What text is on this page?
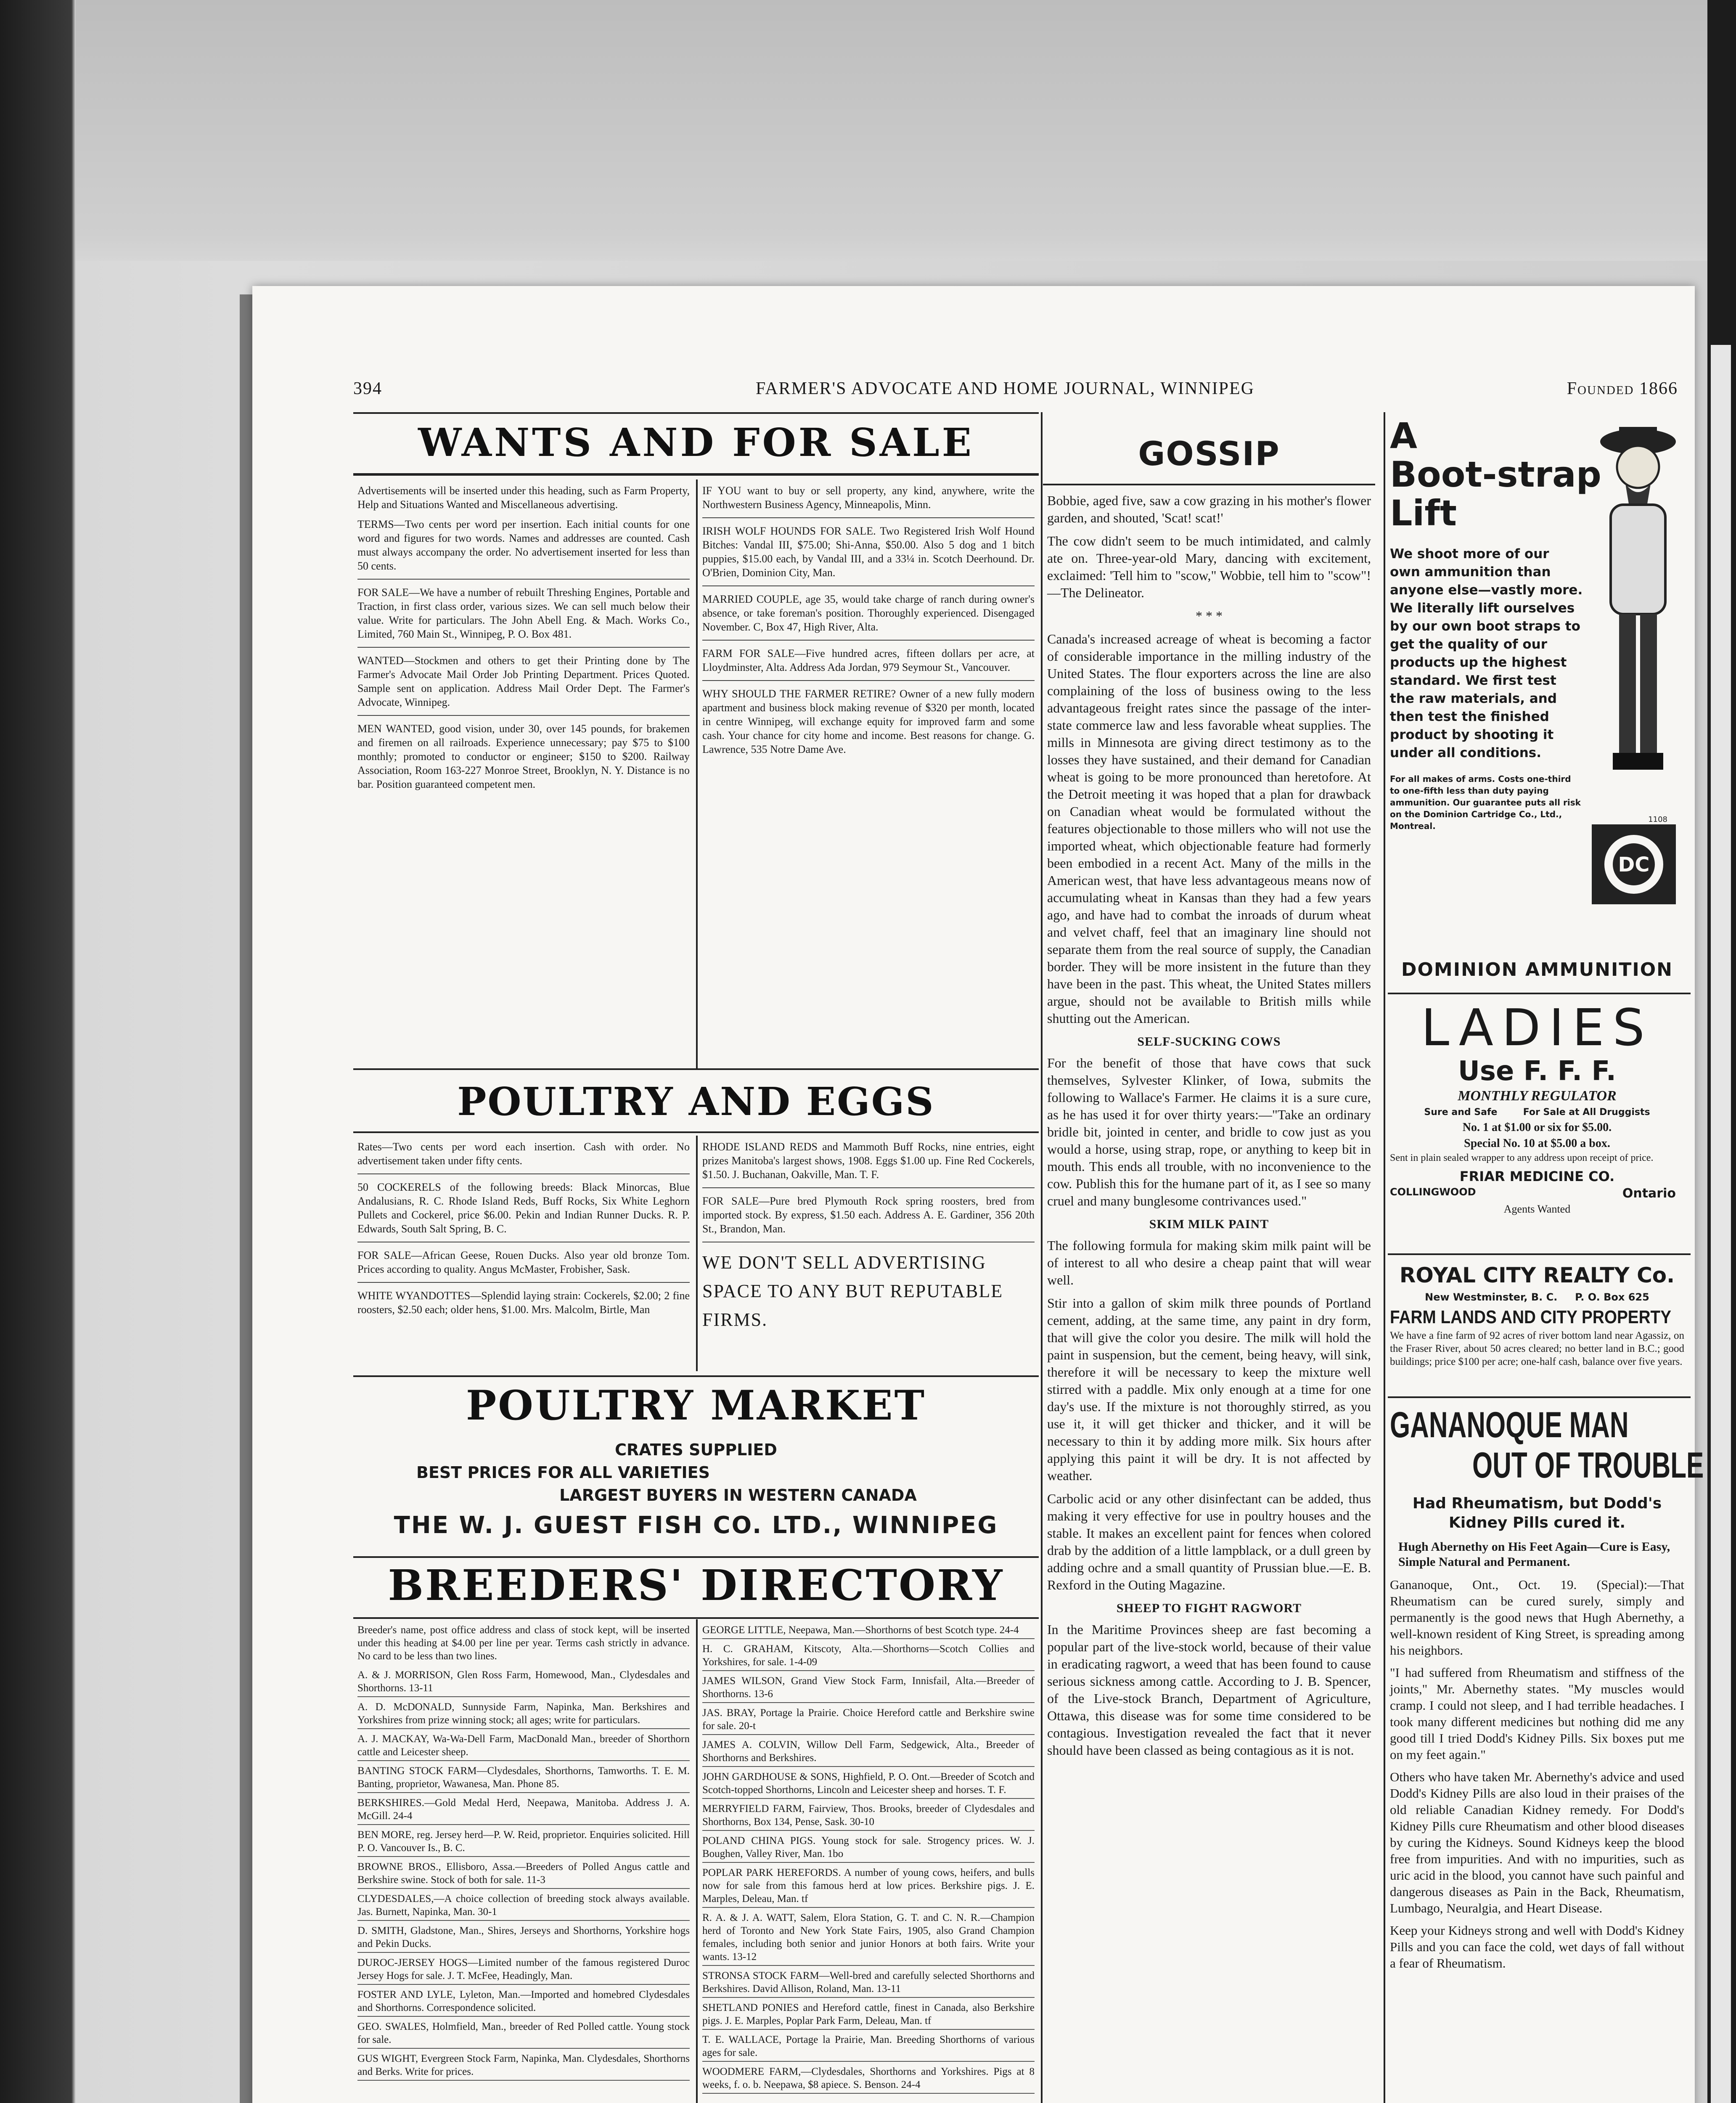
394	FARMER'S ADVOCATE AND HOME JOURNAL, WINNIPEG	Founded 1866
WANTS AND FOR SALE

Advertisements will be inserted under this heading, such as Farm Property, Help and Situations Wanted and Miscellaneous advertising.

TERMS—Two cents per word per insertion. Each initial counts for one word and figures for two words. Names and addresses are counted. Cash must always accompany the order. No advertisement inserted for less than 50 cents.

FOR SALE—We have a number of rebuilt Threshing Engines, Portable and Traction, in first class order, various sizes. We can sell much below their value. Write for particulars. The John Abell Eng. & Mach. Works Co., Limited, 760 Main St., Winnipeg, P. O. Box 481.

WANTED—Stockmen and others to get their Printing done by The Farmer's Advocate Mail Order Job Printing Department. Prices Quoted. Sample sent on application. Address Mail Order Dept. The Farmer's Advocate, Winnipeg.

MEN WANTED, good vision, under 30, over 145 pounds, for brakemen and firemen on all railroads. Experience unnecessary; pay $75 to $100 monthly; promoted to conductor or engineer; $150 to $200. Railway Association, Room 163-227 Monroe Street, Brooklyn, N. Y. Distance is no bar. Position guaranteed competent men.

IF YOU want to buy or sell property, any kind, anywhere, write the Northwestern Business Agency, Minneapolis, Minn.

IRISH WOLF HOUNDS FOR SALE. Two Registered Irish Wolf Hound Bitches: Vandal III, $75.00; Shi-Anna, $50.00. Also 5 dog and 1 bitch puppies, $15.00 each, by Vandal III, and a 33¼ in. Scotch Deerhound. Dr. O'Brien, Dominion City, Man.

MARRIED COUPLE, age 35, would take charge of ranch during owner's absence, or take foreman's position. Thoroughly experienced. Disengaged November. C, Box 47, High River, Alta.

FARM FOR SALE—Five hundred acres, fifteen dollars per acre, at Lloydminster, Alta. Address Ada Jordan, 979 Seymour St., Vancouver.

WHY SHOULD THE FARMER RETIRE? Owner of a new fully modern apartment and business block making revenue of $320 per month, located in centre Winnipeg, will exchange equity for improved farm and some cash. Your chance for city home and income. Best reasons for change. G. Lawrence, 535 Notre Dame Ave.

POULTRY AND EGGS

Rates—Two cents per word each insertion. Cash with order. No advertisement taken under fifty cents.

50 COCKERELS of the following breeds: Black Minorcas, Blue Andalusians, R. C. Rhode Island Reds, Buff Rocks, Six White Leghorn Pullets and Cockerel, price $6.00. Pekin and Indian Runner Ducks. R. P. Edwards, South Salt Spring, B. C.

FOR SALE—African Geese, Rouen Ducks. Also year old bronze Tom. Prices according to quality. Angus McMaster, Frobisher, Sask.

WHITE WYANDOTTES—Splendid laying strain: Cockerels, $2.00; 2 fine roosters, $2.50 each; older hens, $1.00. Mrs. Malcolm, Birtle, Man

RHODE ISLAND REDS and Mammoth Buff Rocks, nine entries, eight prizes Manitoba's largest shows, 1908. Eggs $1.00 up. Fine Red Cockerels, $1.50. J. Buchanan, Oakville, Man. T. F.

FOR SALE—Pure bred Plymouth Rock spring roosters, bred from imported stock. By express, $1.50 each. Address A. E. Gardiner, 356 20th St., Brandon, Man.

WE DON'T SELL ADVERTISING SPACE TO ANY BUT REPUTABLE FIRMS.

POULTRY MARKET
CRATES SUPPLIED
BEST PRICES FOR ALL VARIETIES
LARGEST BUYERS IN WESTERN CANADA
THE W. J. GUEST FISH CO. LTD., WINNIPEG
BREEDERS' DIRECTORY

Breeder's name, post office address and class of stock kept, will be inserted under this heading at $4.00 per line per year. Terms cash strictly in advance. No card to be less than two lines.

A. & J. MORRISON, Glen Ross Farm, Homewood, Man., Clydesdales and Shorthorns. 13-11

A. D. McDONALD, Sunnyside Farm, Napinka, Man. Berkshires and Yorkshires from prize winning stock; all ages; write for particulars.

A. J. MACKAY, Wa-Wa-Dell Farm, MacDonald Man., breeder of Shorthorn cattle and Leicester sheep.

BANTING STOCK FARM—Clydesdales, Shorthorns, Tamworths. T. E. M. Banting, proprietor, Wawanesa, Man. Phone 85.

BERKSHIRES.—Gold Medal Herd, Neepawa, Manitoba. Address J. A. McGill. 24-4

BEN MORE, reg. Jersey herd—P. W. Reid, proprietor. Enquiries solicited. Hill P. O. Vancouver Is., B. C.

BROWNE BROS., Ellisboro, Assa.—Breeders of Polled Angus cattle and Berkshire swine. Stock of both for sale. 11-3

CLYDESDALES,—A choice collection of breeding stock always available. Jas. Burnett, Napinka, Man. 30-1

D. SMITH, Gladstone, Man., Shires, Jerseys and Shorthorns, Yorkshire hogs and Pekin Ducks.

DUROC-JERSEY HOGS—Limited number of the famous registered Duroc Jersey Hogs for sale. J. T. McFee, Headingly, Man.

FOSTER AND LYLE, Lyleton, Man.—Imported and homebred Clydesdales and Shorthorns. Correspondence solicited.

GEO. SWALES, Holmfield, Man., breeder of Red Polled cattle. Young stock for sale.

GUS WIGHT, Evergreen Stock Farm, Napinka, Man. Clydesdales, Shorthorns and Berks. Write for prices.

GEORGE LITTLE, Neepawa, Man.—Shorthorns of best Scotch type. 24-4

H. C. GRAHAM, Kitscoty, Alta.—Shorthorns—Scotch Collies and Yorkshires, for sale. 1-4-09

JAMES WILSON, Grand View Stock Farm, Innisfail, Alta.—Breeder of Shorthorns. 13-6

JAS. BRAY, Portage la Prairie. Choice Hereford cattle and Berkshire swine for sale. 20-t

JAMES A. COLVIN, Willow Dell Farm, Sedgewick, Alta., Breeder of Shorthorns and Berkshires.

JOHN GARDHOUSE & SONS, Highfield, P. O. Ont.—Breeder of Scotch and Scotch-topped Shorthorns, Lincoln and Leicester sheep and horses. T. F.

MERRYFIELD FARM, Fairview, Thos. Brooks, breeder of Clydesdales and Shorthorns, Box 134, Pense, Sask. 30-10

POLAND CHINA PIGS. Young stock for sale. Strogency prices. W. J. Boughen, Valley River, Man. 1bo

POPLAR PARK HEREFORDS. A number of young cows, heifers, and bulls now for sale from this famous herd at low prices. Berkshire pigs. J. E. Marples, Deleau, Man. tf

R. A. & J. A. WATT, Salem, Elora Station, G. T. and C. N. R.—Champion herd of Toronto and New York State Fairs, 1905, also Grand Champion females, including both senior and junior Honors at both fairs. Write your wants. 13-12

STRONSA STOCK FARM—Well-bred and carefully selected Shorthorns and Berkshires. David Allison, Roland, Man. 13-11

SHETLAND PONIES and Hereford cattle, finest in Canada, also Berkshire pigs. J. E. Marples, Poplar Park Farm, Deleau, Man. tf

T. E. WALLACE, Portage la Prairie, Man. Breeding Shorthorns of various ages for sale.

WOODMERE FARM,—Clydesdales, Shorthorns and Yorkshires. Pigs at 8 weeks, f. o. b. Neepawa, $8 apiece. S. Benson. 24-4

GOSSIP

Bobbie, aged five, saw a cow grazing in his mother's flower garden, and shouted, 'Scat! scat!'

The cow didn't seem to be much intimidated, and calmly ate on. Three-year-old Mary, dancing with excitement, exclaimed: 'Tell him to "scow," Wobbie, tell him to "scow"!—The Delineator.

* * *

Canada's increased acreage of wheat is becoming a factor of considerable importance in the milling industry of the United States. The flour exporters across the line are also complaining of the loss of business owing to the less advantageous freight rates since the passage of the inter-state commerce law and less favorable wheat supplies. The mills in Minnesota are giving direct testimony as to the losses they have sustained, and their demand for Canadian wheat is going to be more pronounced than heretofore. At the Detroit meeting it was hoped that a plan for drawback on Canadian wheat would be formulated without the features objectionable to those millers who will not use the imported wheat, which objectionable feature had formerly been embodied in a recent Act. Many of the mills in the American west, that have less advantageous means now of accumulating wheat in Kansas than they had a few years ago, and have had to combat the inroads of durum wheat and velvet chaff, feel that an imaginary line should not separate them from the real source of supply, the Canadian border. They will be more insistent in the future than they have been in the past. This wheat, the United States millers argue, should not be available to British mills while shutting out the American.

SELF-SUCKING COWS

For the benefit of those that have cows that suck themselves, Sylvester Klinker, of Iowa, submits the following to Wallace's Farmer. He claims it is a sure cure, as he has used it for over thirty years:—"Take an ordinary bridle bit, jointed in center, and bridle to cow just as you would a horse, using strap, rope, or anything to keep bit in mouth. This ends all trouble, with no inconvenience to the cow. Publish this for the humane part of it, as I see so many cruel and many bunglesome contrivances used."

SKIM MILK PAINT

The following formula for making skim milk paint will be of interest to all who desire a cheap paint that will wear well.

Stir into a gallon of skim milk three pounds of Portland cement, adding, at the same time, any paint in dry form, that will give the color you desire. The milk will hold the paint in suspension, but the cement, being heavy, will sink, therefore it will be necessary to keep the mixture well stirred with a paddle. Mix only enough at a time for one day's use. If the mixture is not thoroughly stirred, as you use it, it will get thicker and thicker, and it will be necessary to thin it by adding more milk. Six hours after applying this paint it will be dry. It is not affected by weather.

Carbolic acid or any other disinfectant can be added, thus making it very effective for use in poultry houses and the stable. It makes an excellent paint for fences when colored drab by the addition of a little lampblack, or a dull green by adding ochre and a small quantity of Prussian blue.—E. B. Rexford in the Outing Magazine.

SHEEP TO FIGHT RAGWORT

In the Maritime Provinces sheep are fast becoming a popular part of the live-stock world, because of their value in eradicating ragwort, a weed that has been found to cause serious sickness among cattle. According to J. B. Spencer, of the Live-stock Branch, Department of Agriculture, Ottawa, this disease was for some time considered to be contagious. Investigation revealed the fact that it never should have been classed as being contagious as it is not.

A
Boot-strap
Lift
We shoot more of our own ammunition than anyone else—vastly more. We literally lift ourselves by our own boot straps to get the quality of our products up the highest standard. We first test the raw materials, and then test the finished product by shooting it under all conditions.
For all makes of arms. Costs one-third to one-fifth less than duty paying ammunition. Our guarantee puts all risk on the Dominion Cartridge Co., Ltd., Montreal.
DC
1108
DOMINION AMMUNITION
LADIES
Use F. F. F.
MONTHLY REGULATOR
Sure and Safe        For Sale at All Druggists
No. 1 at $1.00 or six for $5.00.
Special No. 10 at $5.00 a box.
Sent in plain sealed wrapper to any address upon receipt of price.
FRIAR MEDICINE CO.
COLLINGWOOD	Ontario
Agents Wanted
ROYAL CITY REALTY Co.
New Westminster, B. C.     P. O. Box 625
FARM LANDS AND CITY PROPERTY
We have a fine farm of 92 acres of river bottom land near Agassiz, on the Fraser River, about 50 acres cleared; no better land in B.C.; good buildings; price $100 per acre; one-half cash, balance over five years.
GANANOQUE MAN
OUT OF TROUBLE
Had Rheumatism, but Dodd's Kidney Pills cured it.
Hugh Abernethy on His Feet Again—Cure is Easy, Simple Natural and Permanent.

Gananoque, Ont., Oct. 19. (Special):—That Rheumatism can be cured surely, simply and permanently is the good news that Hugh Abernethy, a well-known resident of King Street, is spreading among his neighbors.

"I had suffered from Rheumatism and stiffness of the joints," Mr. Abernethy states. "My muscles would cramp. I could not sleep, and I had terrible headaches. I took many different medicines but nothing did me any good till I tried Dodd's Kidney Pills. Six boxes put me on my feet again."

Others who have taken Mr. Abernethy's advice and used Dodd's Kidney Pills are also loud in their praises of the old reliable Canadian Kidney remedy. For Dodd's Kidney Pills cure Rheumatism and other blood diseases by curing the Kidneys. Sound Kidneys keep the blood free from impurities. And with no impurities, such as uric acid in the blood, you cannot have such painful and dangerous diseases as Pain in the Back, Rheumatism, Lumbago, Neuralgia, and Heart Disease.

Keep your Kidneys strong and well with Dodd's Kidney Pills and you can face the cold, wet days of fall without a fear of Rheumatism.
